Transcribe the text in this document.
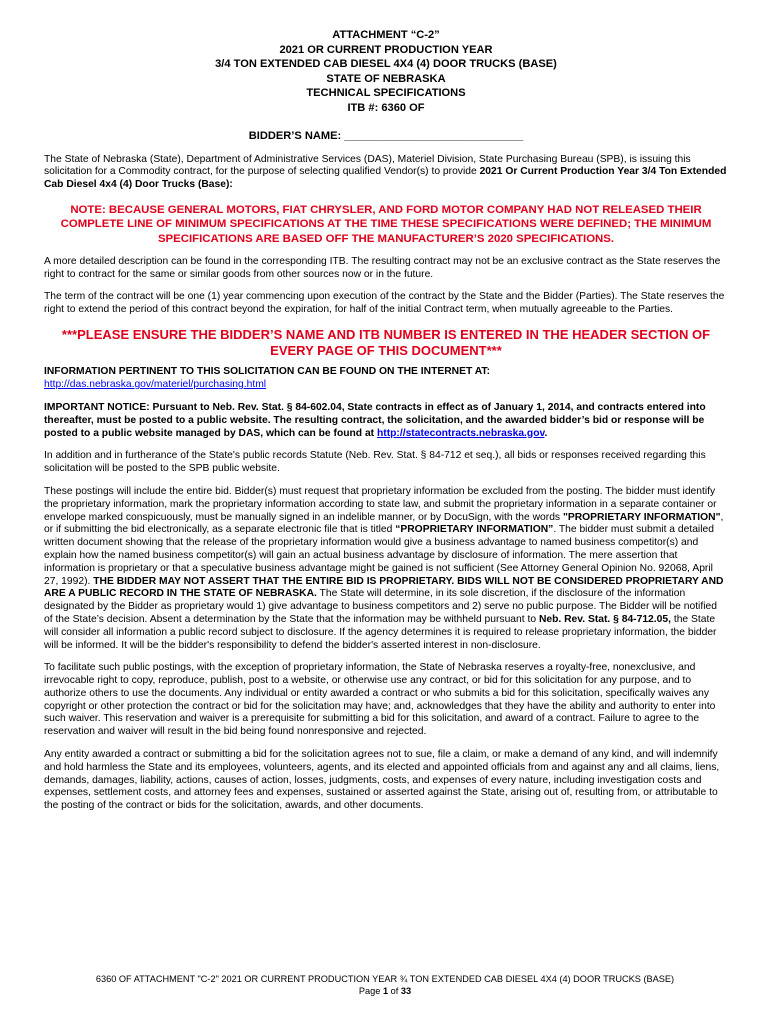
ATTACHMENT “C-2”
2021 OR CURRENT PRODUCTION YEAR
3/4 TON EXTENDED CAB DIESEL 4X4 (4) DOOR TRUCKS (BASE)
STATE OF NEBRASKA
TECHNICAL SPECIFICATIONS
ITB #: 6360 OF
BIDDER’S NAME: _____________________________

The State of Nebraska (State), Department of Administrative Services (DAS), Materiel Division, State Purchasing Bureau (SPB), is issuing this solicitation for a Commodity contract, for the purpose of selecting qualified Vendor(s) to provide 2021 Or Current Production Year 3/4 Ton Extended Cab Diesel 4x4 (4) Door Trucks (Base):

NOTE: BECAUSE GENERAL MOTORS, FIAT CHRYSLER, AND FORD MOTOR COMPANY HAD NOT RELEASED THEIR COMPLETE LINE OF MINIMUM SPECIFICATIONS AT THE TIME THESE SPECIFICATIONS WERE DEFINED; THE MINIMUM SPECIFICATIONS ARE BASED OFF THE MANUFACTURER’S 2020 SPECIFICATIONS.

A more detailed description can be found in the corresponding ITB. The resulting contract may not be an exclusive contract as the State reserves the right to contract for the same or similar goods from other sources now or in the future.

The term of the contract will be one (1) year commencing upon execution of the contract by the State and the Bidder (Parties). The State reserves the right to extend the period of this contract beyond the expiration, for half of the initial Contract term, when mutually agreeable to the Parties.

***PLEASE ENSURE THE BIDDER’S NAME AND ITB NUMBER IS ENTERED IN THE HEADER SECTION OF EVERY PAGE OF THIS DOCUMENT***

INFORMATION PERTINENT TO THIS SOLICITATION CAN BE FOUND ON THE INTERNET AT:
http://das.nebraska.gov/materiel/purchasing.html

IMPORTANT NOTICE: Pursuant to Neb. Rev. Stat. § 84-602.04, State contracts in effect as of January 1, 2014, and contracts entered into thereafter, must be posted to a public website. The resulting contract, the solicitation, and the awarded bidder’s bid or response will be posted to a public website managed by DAS, which can be found at http://statecontracts.nebraska.gov.

In addition and in furtherance of the State's public records Statute (Neb. Rev. Stat. § 84-712 et seq.), all bids or responses received regarding this solicitation will be posted to the SPB public website.

These postings will include the entire bid. Bidder(s) must request that proprietary information be excluded from the posting. The bidder must identify the proprietary information, mark the proprietary information according to state law, and submit the proprietary information in a separate container or envelope marked conspicuously, must be manually signed in an indelible manner, or by DocuSign, with the words "PROPRIETARY INFORMATION", or if submitting the bid electronically, as a separate electronic file that is titled “PROPRIETARY INFORMATION”. The bidder must submit a detailed written document showing that the release of the proprietary information would give a business advantage to named business competitor(s) and explain how the named business competitor(s) will gain an actual business advantage by disclosure of information. The mere assertion that information is proprietary or that a speculative business advantage might be gained is not sufficient (See Attorney General Opinion No. 92068, April 27, 1992). THE BIDDER MAY NOT ASSERT THAT THE ENTIRE BID IS PROPRIETARY. BIDS WILL NOT BE CONSIDERED PROPRIETARY AND ARE A PUBLIC RECORD IN THE STATE OF NEBRASKA. The State will determine, in its sole discretion, if the disclosure of the information designated by the Bidder as proprietary would 1) give advantage to business competitors and 2) serve no public purpose. The Bidder will be notified of the State’s decision. Absent a determination by the State that the information may be withheld pursuant to Neb. Rev. Stat. § 84-712.05, the State will consider all information a public record subject to disclosure. If the agency determines it is required to release proprietary information, the bidder will be informed. It will be the bidder's responsibility to defend the bidder's asserted interest in non-disclosure.

To facilitate such public postings, with the exception of proprietary information, the State of Nebraska reserves a royalty-free, nonexclusive, and irrevocable right to copy, reproduce, publish, post to a website, or otherwise use any contract, or bid for this solicitation for any purpose, and to authorize others to use the documents. Any individual or entity awarded a contract or who submits a bid for this solicitation, specifically waives any copyright or other protection the contract or bid for the solicitation may have; and, acknowledges that they have the ability and authority to enter into such waiver. This reservation and waiver is a prerequisite for submitting a bid for this solicitation, and award of a contract. Failure to agree to the reservation and waiver will result in the bid being found nonresponsive and rejected.

Any entity awarded a contract or submitting a bid for the solicitation agrees not to sue, file a claim, or make a demand of any kind, and will indemnify and hold harmless the State and its employees, volunteers, agents, and its elected and appointed officials from and against any and all claims, liens, demands, damages, liability, actions, causes of action, losses, judgments, costs, and expenses of every nature, including investigation costs and expenses, settlement costs, and attorney fees and expenses, sustained or asserted against the State, arising out of, resulting from, or attributable to the posting of the contract or bids for the solicitation, awards, and other documents.

6360 OF ATTACHMENT "C-2" 2021 OR CURRENT PRODUCTION YEAR ¾ TON EXTENDED CAB DIESEL 4X4 (4) DOOR TRUCKS (BASE)
Page 1 of 33
